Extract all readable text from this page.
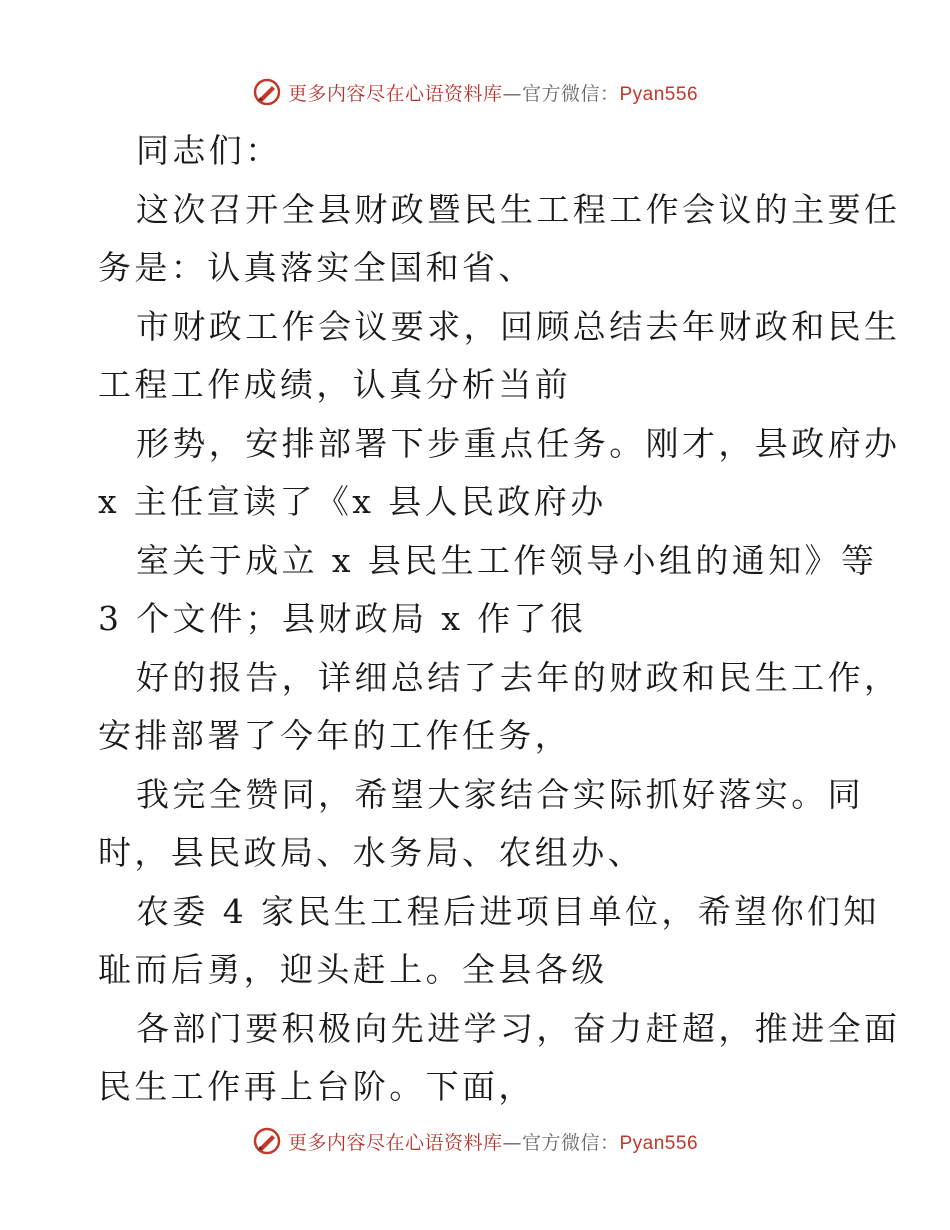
更多内容尽在心语资料库—官方微信：Pyan556
同志们：
这次召开全县财政暨民生工程工作会议的主要任
务是：认真落实全国和省、
市财政工作会议要求，回顾总结去年财政和民生
工程工作成绩，认真分析当前
形势，安排部署下步重点任务。刚才，县政府办
x 主任宣读了《x 县人民政府办
室关于成立 x 县民生工作领导小组的通知》等
3 个文件；县财政局 x 作了很
好的报告，详细总结了去年的财政和民生工作，
安排部署了今年的工作任务，
我完全赞同，希望大家结合实际抓好落实。同
时，县民政局、水务局、农组办、
农委 4 家民生工程后进项目单位，希望你们知
耻而后勇，迎头赶上。全县各级
各部门要积极向先进学习，奋力赶超，推进全面
民生工作再上台阶。下面，
更多内容尽在心语资料库—官方微信：Pyan556
